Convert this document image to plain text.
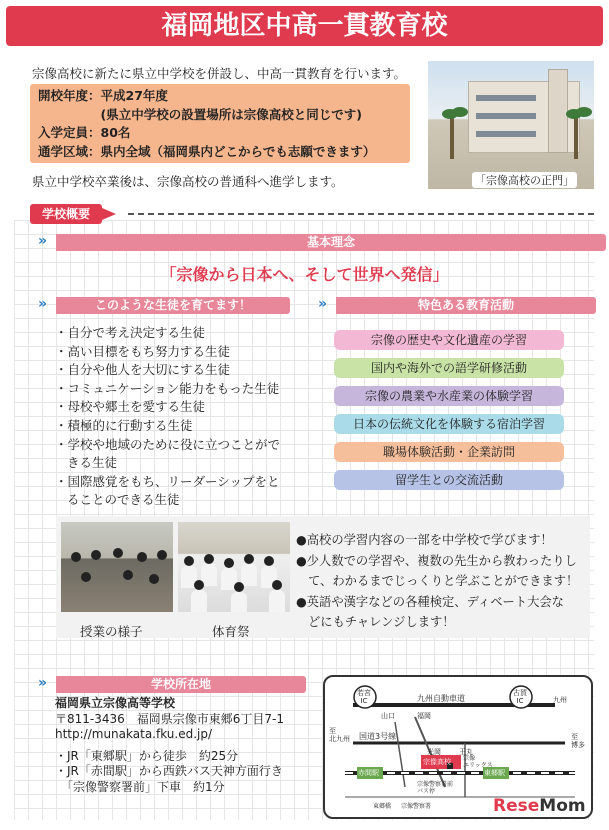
福岡地区中高一貫教育校
宗像高校に新たに県立中学校を併設し、中高一貫教育を行います。
開校年度：平成27年度
　　　　　(県立中学校の設置場所は宗像高校と同じです)
入学定員：80名
通学区域：県内全域（福岡県内どこからでも志願できます）
県立中学校卒業後は、宗像高校の普通科へ進学します。	「宗像高校の正門」
学校概要
»	基本理念
「宗像から日本へ、そして世界へ発信」
»	このような生徒を育てます！	»	特色ある教育活動
・自分で考え決定する生徒
・高い目標をもち努力する生徒
・自分や他人を大切にする生徒
・コミュニケーション能力をもった生徒
・母校や郷土を愛する生徒
・積極的に行動する生徒
・学校や地域のために役に立つことがで
きる生徒
・国際感覚をもち、リーダーシップをと
ることのできる生徒
宗像の歴史や文化遺産の学習
国内や海外での語学研修活動
宗像の農業や水産業の体験学習
日本の伝統文化を体験する宿泊学習
職場体験活動・企業訪問
留学生との交流活動
授業の様子	体育祭
●高校の学習内容の一部を中学校で学びます！
●少人数での学習や、複数の先生から教わったりし
て、わかるまでじっくりと学ぶことができます！
●英語や漢字などの各種検定、ディベート大会な
どにもチャレンジします！
»	学校所在地
福岡県立宗像高等学校
〒811-3436　福岡県宗像市東郷6丁目7-1
http://munakata.fku.ed.jp/
・JR「東郷駅」から徒歩　約25分
・JR「赤間駅」から西鉄バス天神方面行き
　「宗像警察署前」下車　約1分
若宮
IC
古賀
IC
九州自動車道
山口	福岡
国道3号線
至
北九州	至
博多
九州
光岡	王丸
赤間駅	東郷駅
宗像高校 宗像
ユリックス
宗像警察署前
バス停
東郷橋 宗像警察署	ReseMom
